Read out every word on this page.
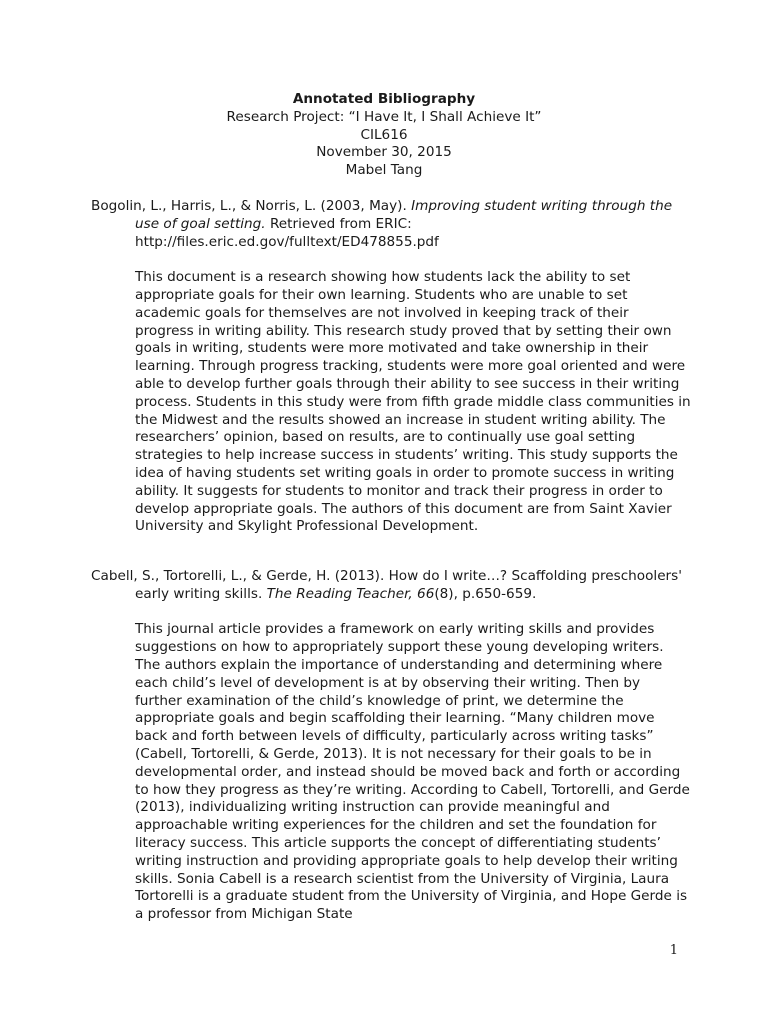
Annotated Bibliography
Research Project: “I Have It, I Shall Achieve It”
CIL616
November 30, 2015
Mabel Tang

Bogolin, L., Harris, L., & Norris, L. (2003, May). Improving student writing through the use of goal setting. Retrieved from ERIC: http://files.eric.ed.gov/fulltext/ED478855.pdf

This document is a research showing how students lack the ability to set appropriate goals for their own learning. Students who are unable to set academic goals for themselves are not involved in keeping track of their progress in writing ability. This research study proved that by setting their own goals in writing, students were more motivated and take ownership in their learning. Through progress tracking, students were more goal oriented and were able to develop further goals through their ability to see success in their writing process. Students in this study were from fifth grade middle class communities in the Midwest and the results showed an increase in student writing ability. The researchers’ opinion, based on results, are to continually use goal setting strategies to help increase success in students’ writing. This study supports the idea of having students set writing goals in order to promote success in writing ability. It suggests for students to monitor and track their progress in order to develop appropriate goals. The authors of this document are from Saint Xavier University and Skylight Professional Development.

Cabell, S., Tortorelli, L., & Gerde, H. (2013). How do I write…? Scaffolding preschoolers' early writing skills. The Reading Teacher, 66(8), p.650-659.

This journal article provides a framework on early writing skills and provides suggestions on how to appropriately support these young developing writers. The authors explain the importance of understanding and determining where each child’s level of development is at by observing their writing. Then by further examination of the child’s knowledge of print, we determine the appropriate goals and begin scaffolding their learning. “Many children move back and forth between levels of difficulty, particularly across writing tasks” (Cabell, Tortorelli, & Gerde, 2013). It is not necessary for their goals to be in developmental order, and instead should be moved back and forth or according to how they progress as they’re writing. According to Cabell, Tortorelli, and Gerde (2013), individualizing writing instruction can provide meaningful and approachable writing experiences for the children and set the foundation for literacy success. This article supports the concept of differentiating students’ writing instruction and providing appropriate goals to help develop their writing skills. Sonia Cabell is a research scientist from the University of Virginia, Laura Tortorelli is a graduate student from the University of Virginia, and Hope Gerde is a professor from Michigan State

1
